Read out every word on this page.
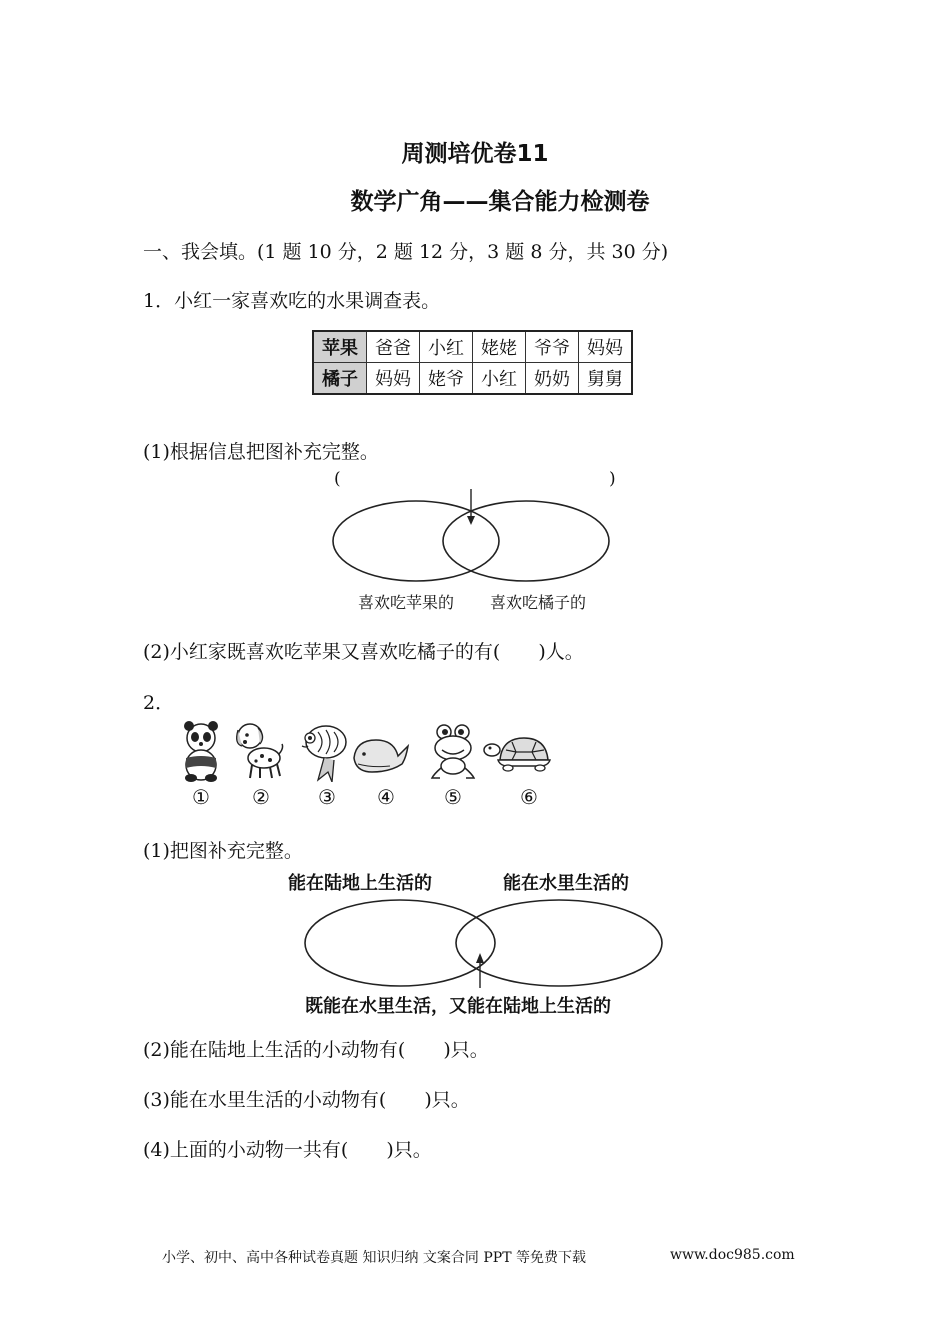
周测培优卷11
数学广角——集合能力检测卷
一、我会填。(1 题 10 分，2 题 12 分，3 题 8 分，共 30 分)
1．小红一家喜欢吃的水果调查表。
苹果	爸爸	小红	姥姥	爷爷	妈妈
橘子	妈妈	姥爷	小红	奶奶	舅舅
(1)根据信息把图补充完整。
(	)
喜欢吃苹果的 喜欢吃橘子的
(2)小红家既喜欢吃苹果又喜欢吃橘子的有(　　)人。
2．
①	②	③	④	⑤	⑥
(1)把图补充完整。
能在陆地上生活的	能在水里生活的
既能在水里生活，又能在陆地上生活的
(2)能在陆地上生活的小动物有(　　)只。
(3)能在水里生活的小动物有(　　)只。
(4)上面的小动物一共有(　　)只。
小学、初中、高中各种试卷真题 知识归纳 文案合同 PPT 等免费下载	www.doc985.com
